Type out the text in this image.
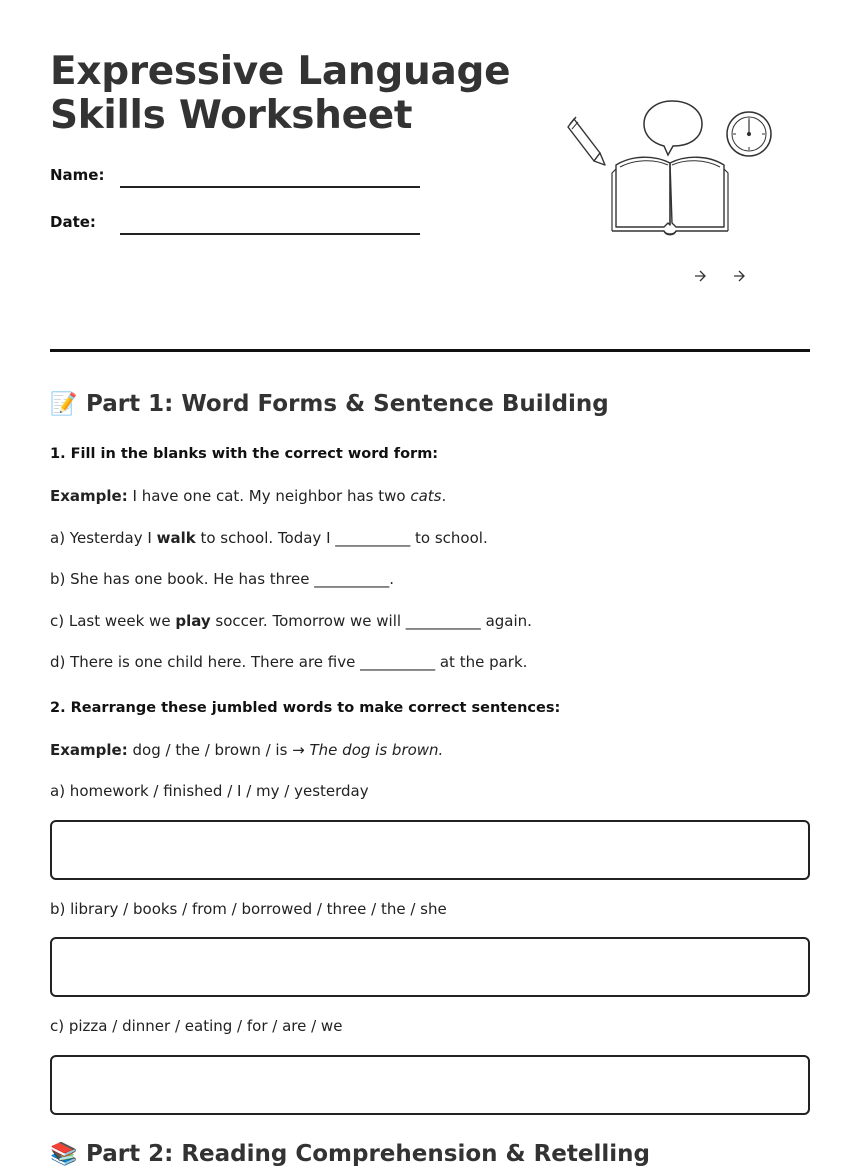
Expressive Language
Skills Worksheet
Name:
Date:
📝 Part 1: Word Forms & Sentence Building
1. Fill in the blanks with the correct word form:
Example: I have one cat. My neighbor has two cats.
a) Yesterday I walk to school. Today I __________ to school.
b) She has one book. He has three __________.
c) Last week we play soccer. Tomorrow we will __________ again.
d) There is one child here. There are five __________ at the park.
2. Rearrange these jumbled words to make correct sentences:
Example: dog / the / brown / is → The dog is brown.
a) homework / finished / I / my / yesterday
b) library / books / from / borrowed / three / the / she
c) pizza / dinner / eating / for / are / we
📚 Part 2: Reading Comprehension & Retelling
